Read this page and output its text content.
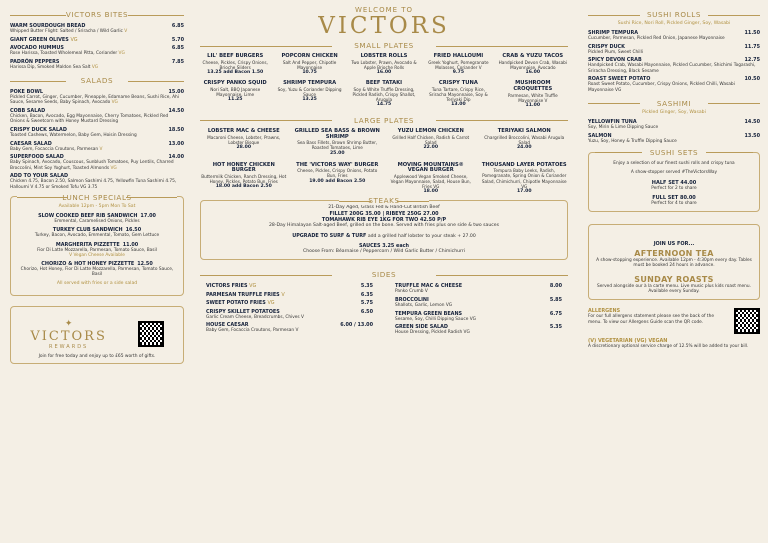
VICTORS BITES
WARM SOURDOUGH BREAD	6.85
Whipped Butter Flight: Salted / Sriracha / Wild Garlic V
GIANT GREEN OLIVES VG	5.70
AVOCADO HUMMUS	6.85
Rose Harissa, Toasted Wholemeal Pitta, Coriander VG
PADRÓN PEPPERS	7.85
Harissa Dip, Smoked Maldon Sea Salt VG
SALADS
POKE BOWL	15.00
Pickled Carrot, Ginger, Cucumber, Pineapple, Edamame Beans, Sushi Rice, Ahi Sauce, Sesame Seeds, Baby Spinach, Avocado VG
COBB SALAD	14.50
Chicken, Bacon, Avocado, Egg Mayonnaise, Cherry Tomatoes, Pickled Red Onions & Sweetcorn with Honey Mustard Dressing
CRISPY DUCK SALAD	18.50
Toasted Cashews, Watermelon, Baby Gem, Hoisin Dressing
CAESAR SALAD	13.00
Baby Gem, Focaccia Croutons, Parmesan V
SUPERFOOD SALAD	14.00
Baby Spinach, Avocado, Couscous, Sunblush Tomatoes, Puy Lentils, Charred Broccolini, Mint Soy Yoghurt, Toasted Almonds VG
ADD TO YOUR SALAD
Chicken 4.75, Bacon 2.50, Salmon Sashimi 4.75, Yellowfin Tuna Sashimi 4.75, Halloumi V 4.75 or Smoked Tofu VG 3.75
LUNCH SPECIALS
Available 12pm - 5pm Mon To Sat
SLOW COOKED BEEF RIB SANDWICH 17.00
Emmental, Caramelised Onions, Pickles
TURKEY CLUB SANDWICH 16.50
Turkey, Bacon, Avocado, Emmental, Tomato, Gem Lettuce
MARGHERITA PIZZETTE 11.00
Fior Di Latte Mozzarella, Parmesan, Tomato Sauce, Basil
V Vegan Cheese Available
CHORIZO & HOT HONEY PIZZETTE 12.50
Chorizo, Hot Honey, Fior Di Latte Mozzarella, Parmesan, Tomato Sauce, Basil
All served with fries or a side salad
✦
VICTORS
REWARDS
Join for free today and enjoy up to £65 worth of gifts.
WELCOME TO
VICTORS
SMALL PLATES
LIL' BEEF BURGERS
Cheese, Pickles, Crispy Onions, Brioche Sliders
13.25 add Bacon 1.50
POPCORN CHICKEN
Salt And Pepper, Chipotle Mayonnaise
10.75
LOBSTER ROLLS
Two Lobster, Prawn, Avocado & Apple Brioche Rolls
16.00
FRIED HALLOUMI
Greek Yoghurt, Pomegranate Molasses, Coriander V
9.75
CRAB & YUZU TACOS
Handpicked Devon Crab, Wasabi Mayonnaise, Avocado
16.00
CRISPY PANKO SQUID
Nori Salt, BBQ Japanese Mayonnaise, Lime
11.25
SHRIMP TEMPURA
Soy, Yuzu & Coriander Dipping Sauce
13.25
BEEF TATAKI
Soy & White Truffle Dressing, Pickled Radish, Crispy Shallot, Arugula
14.75
CRISPY TUNA
Tuna Tartare, Crispy Rice, Sriracha Mayonnaise, Soy & Teriyaki Dip
13.00
MUSHROOM CROQUETTES
Parmesan, White Truffle Mayonnaise V
11.00
LARGE PLATES
LOBSTER MAC & CHEESE
Macaroni Cheese, Lobster, Prawns, Lobster Bisque
28.00
GRILLED SEA BASS & BROWN SHRIMP
Sea Bass Fillets, Brown Shrimp Butter, Roasted Tomatoes, Lime
25.00
YUZU LEMON CHICKEN
Grilled Half Chicken, Radish & Carrot Salad
22.00
TERIYAKI SALMON
Chargrilled Broccolini, Wasabi Arugula Salad
24.00
HOT HONEY CHICKEN BURGER
Buttermilk Chicken, Ranch Dressing, Hot Honey, Pickles, Potato Bun, Fries
18.00 add Bacon 2.50
THE 'VICTORS WAY' BURGER
Cheese, Pickles, Crispy Onions, Potato Bun, Fries
19.00 add Bacon 2.50
MOVING MOUNTAINS® VEGAN BURGER
Applewood Vegan Smoked Cheese, Vegan Mayonnaise, Salad, House Bun, Fries VG
18.00
THOUSAND LAYER POTATOES
Tempura Baby Leeks, Radish, Pomegranate, Spring Onion & Coriander Salad, Chimichurri, Chipotle Mayonnaise VG
17.00
STEAKS
21-Day Aged, Grass Fed & Hand-Cut British Beef
FILLET 200G 35.00 | RIBEYE 250G 27.00
TOMAHAWK RIB EYE 1KG FOR TWO 42.50 P/P
28-Day Himalayan Salt-aged Beef, grilled on the bone. Served with fries plus one side & two sauces
UPGRADE TO SURF & TURF add a grilled half lobster to your steak + 27.00
SAUCES 3.25 each
Choose From: Béarnaise / Peppercorn / Wild Garlic Butter / Chimichurri
SIDES
VICTORS FRIES VG	5.35
PARMESAN TRUFFLE FRIES V	6.35
SWEET POTATO FRIES VG	5.75
CRISPY SKILLET POTATOES	6.50
Garlic Cream Cheese, Breadcrumbs, Chives V
HOUSE CAESAR	6.00 / 13.00
Baby Gem, Focaccia Croutons, Parmesan V
TRUFFLE MAC & CHEESE	8.00
Panko Crumb V
BROCCOLINI	5.85
Shallots, Garlic, Lemon VG
TEMPURA GREEN BEANS	6.75
Sesame, Soy, Chilli Dipping Sauce VG
GREEN SIDE SALAD	5.35
House Dressing, Pickled Radish VG
SUSHI ROLLS
Sushi Rice, Nori Roll, Pickled Ginger, Soy, Wasabi
SHRIMP TEMPURA	11.50
Cucumber, Parmesan, Pickled Red Onion, Japanese Mayonnaise
CRISPY DUCK	11.75
Pickled Plum, Sweet Chilli
SPICY DEVON CRAB	12.75
Handpicked Crab, Wasabi Mayonnaise, Pickled Cucumber, Shichimi Togarashi, Sriracha Dressing, Black Sesame
ROAST SWEET POTATO	10.50
Roast Sweet Potato, Cucumber, Crispy Onions, Pickled Chilli, Wasabi Mayonnaise VG
SASHIMI
Pickled Ginger, Soy, Wasabi
YELLOWFIN TUNA	14.50
Soy, Mirin & Lime Dipping Sauce
SALMON	13.50
Yuzu, Soy, Honey & Truffle Dipping Sauce
SUSHI SETS
Enjoy a selection of our finest sushi rolls and crispy tuna
A show-stopper served #TheVictorsWay
HALF SET 44.00
Perfect for 2 to share
FULL SET 80.00
Perfect for 4 to share
JOIN US FOR...
AFTERNOON TEA
A show-stopping experience. Available 12pm - 4:30pm every day. Tables must be booked 24 hours in advance.
SUNDAY ROASTS
Served alongside our à la carte menu. Live music plus kids roast menu. Available every Sunday.
ALLERGENS
For our full allergens statement please see the back of the menu. To view our Allergens Guide scan the QR code.
(V) VEGETARIAN (VG) VEGAN
A discretionary optional service charge of 12.5% will be added to your bill.
